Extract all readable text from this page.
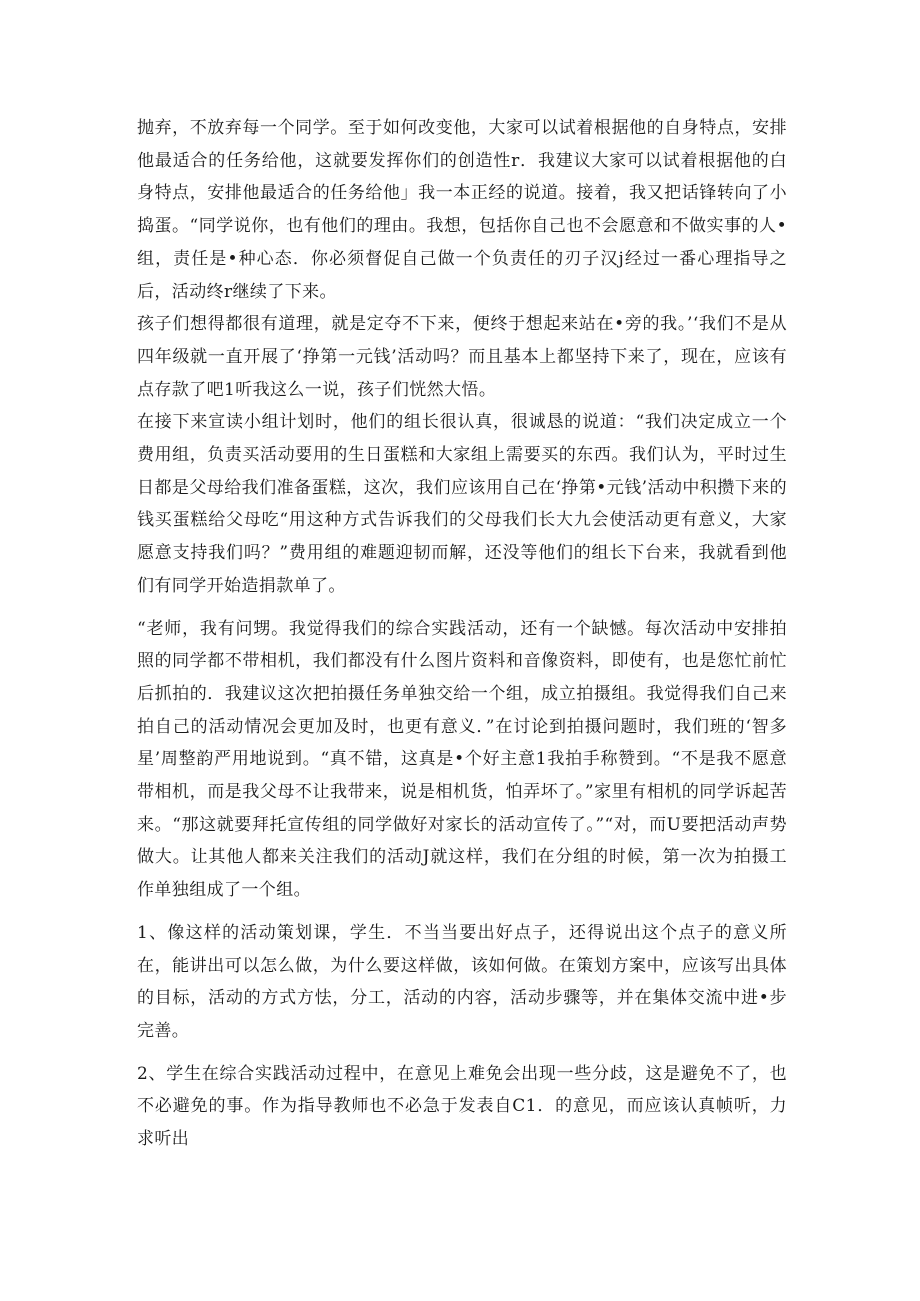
抛弃，不放弃每一个同学。至于如何改变他，大家可以试着根据他的自身特点，安排他最适合的任务给他，这就要发挥你们的创造性r．我建议大家可以试着根据他的白身特点，安排他最适合的任务给他」我一本正经的说道。接着，我又把话锋转向了小捣蛋。“同学说你，也有他们的理由。我想，包括你自己也不会愿意和不做实事的人•组，责任是•种心态．你必须督促自己做一个负责任的刃子汉j经过一番心理指导之后，活动终r继续了下来。

孩子们想得都很有道理，就是定夺不下来，便终于想起来站在•旁的我。’‘我们不是从四年级就一直开展了‘挣第一元钱’活动吗？而且基本上都坚持下来了，现在，应该有点存款了吧1听我这么一说，孩子们恍然大悟。

在接下来宣读小组计划时，他们的组长很认真，很诚恳的说道：“我们决定成立一个费用组，负责买活动要用的生日蛋糕和大家组上需要买的东西。我们认为，平时过生日都是父母给我们准备蛋糕，这次，我们应该用自己在‘挣第•元钱’活动中积攒下来的钱买蛋糕给父母吃“用这种方式告诉我们的父母我们长大九会使活动更有意义，大家愿意支持我们吗？”费用组的难题迎韧而解，还没等他们的组长下台来，我就看到他们有同学开始造捐款单了。

“老师，我有问甥。我觉得我们的综合实践活动，还有一个缺憾。每次活动中安排拍照的同学都不带相机，我们都没有什么图片资料和音像资料，即使有，也是您忙前忙后抓拍的．我建议这次把拍摄任务单独交给一个组，成立拍摄组。我觉得我们自己来拍自己的活动情况会更加及时，也更有意义．”在讨论到拍摄问题时，我们班的‘智多星’周整韵严用地说到。“真不错，这真是•个好主意1我拍手称赞到。“不是我不愿意带相机，而是我父母不让我带来，说是相机货，怕弄坏了。”家里有相机的同学诉起苦来。“那这就要拜托宣传组的同学做好对家长的活动宣传了。”“对，而U要把活动声势做大。让其他人都来关注我们的活动J就这样，我们在分组的时候，第一次为拍摄工作单独组成了一个组。

1、像这样的活动策划课，学生．不当当要出好点子，还得说出这个点子的意义所在，能讲出可以怎么做，为什么要这样做，该如何做。在策划方案中，应该写出具体的目标，活动的方式方怯，分工，活动的内容，活动步骤等，并在集体交流中进•步完善。

2、学生在综合实践活动过程中，在意见上难免会出现一些分歧，这是避免不了，也不必避免的事。作为指导教师也不必急于发表自C1．的意见，而应该认真帧听，力求听出
